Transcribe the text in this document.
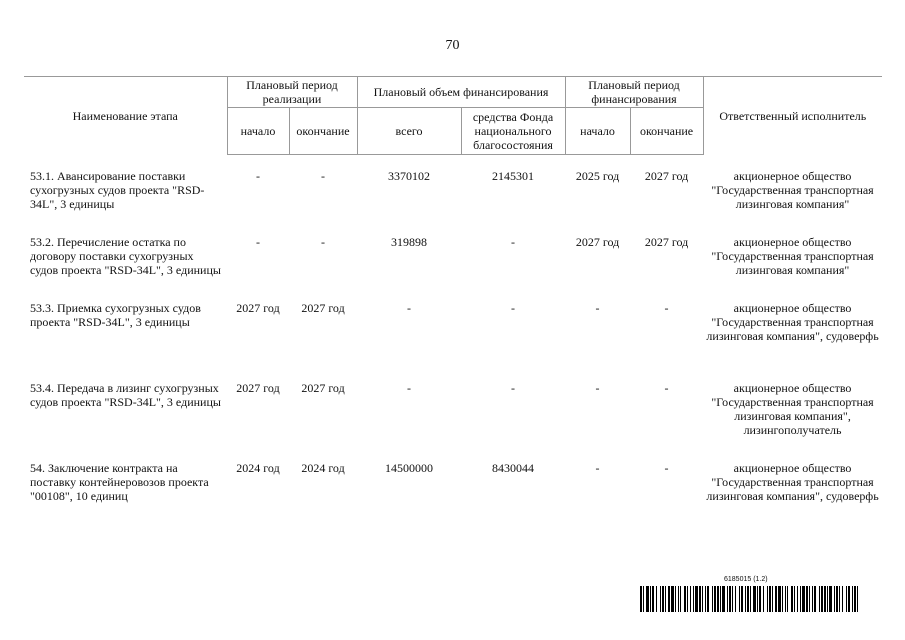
70
Наименование этапа	Плановый период реализации		Плановый объем финансирования		Плановый период финансирования		Ответственный исполнитель
	начало	окончание	всего	средства Фонда национального благосостояния	начало	окончание	

53.1. Авансирование поставки сухогрузных судов проекта "RSD-34L", 3 единицы	-	-	3370102	2145301	2025 год	2027 год	акционерное общество "Государственная транспортная лизинговая компания"
53.2. Перечисление остатка по договору поставки сухогрузных судов проекта "RSD-34L", 3 единицы	-	-	319898	-	2027 год	2027 год	акционерное общество "Государственная транспортная лизинговая компания"
53.3. Приемка сухогрузных судов проекта "RSD-34L", 3 единицы	2027 год	2027 год	-	-	-	-	акционерное общество "Государственная транспортная лизинговая компания", судоверфь
53.4. Передача в лизинг сухогрузных судов проекта "RSD-34L", 3 единицы	2027 год	2027 год	-	-	-	-	акционерное общество "Государственная транспортная лизинговая компания", лизингополучатель
54. Заключение контракта на поставку контейнеровозов проекта "00108", 10 единиц	2024 год	2024 год	14500000	8430044	-	-	акционерное общество "Государственная транспортная лизинговая компания", судоверфь
6185015 (1.2)
